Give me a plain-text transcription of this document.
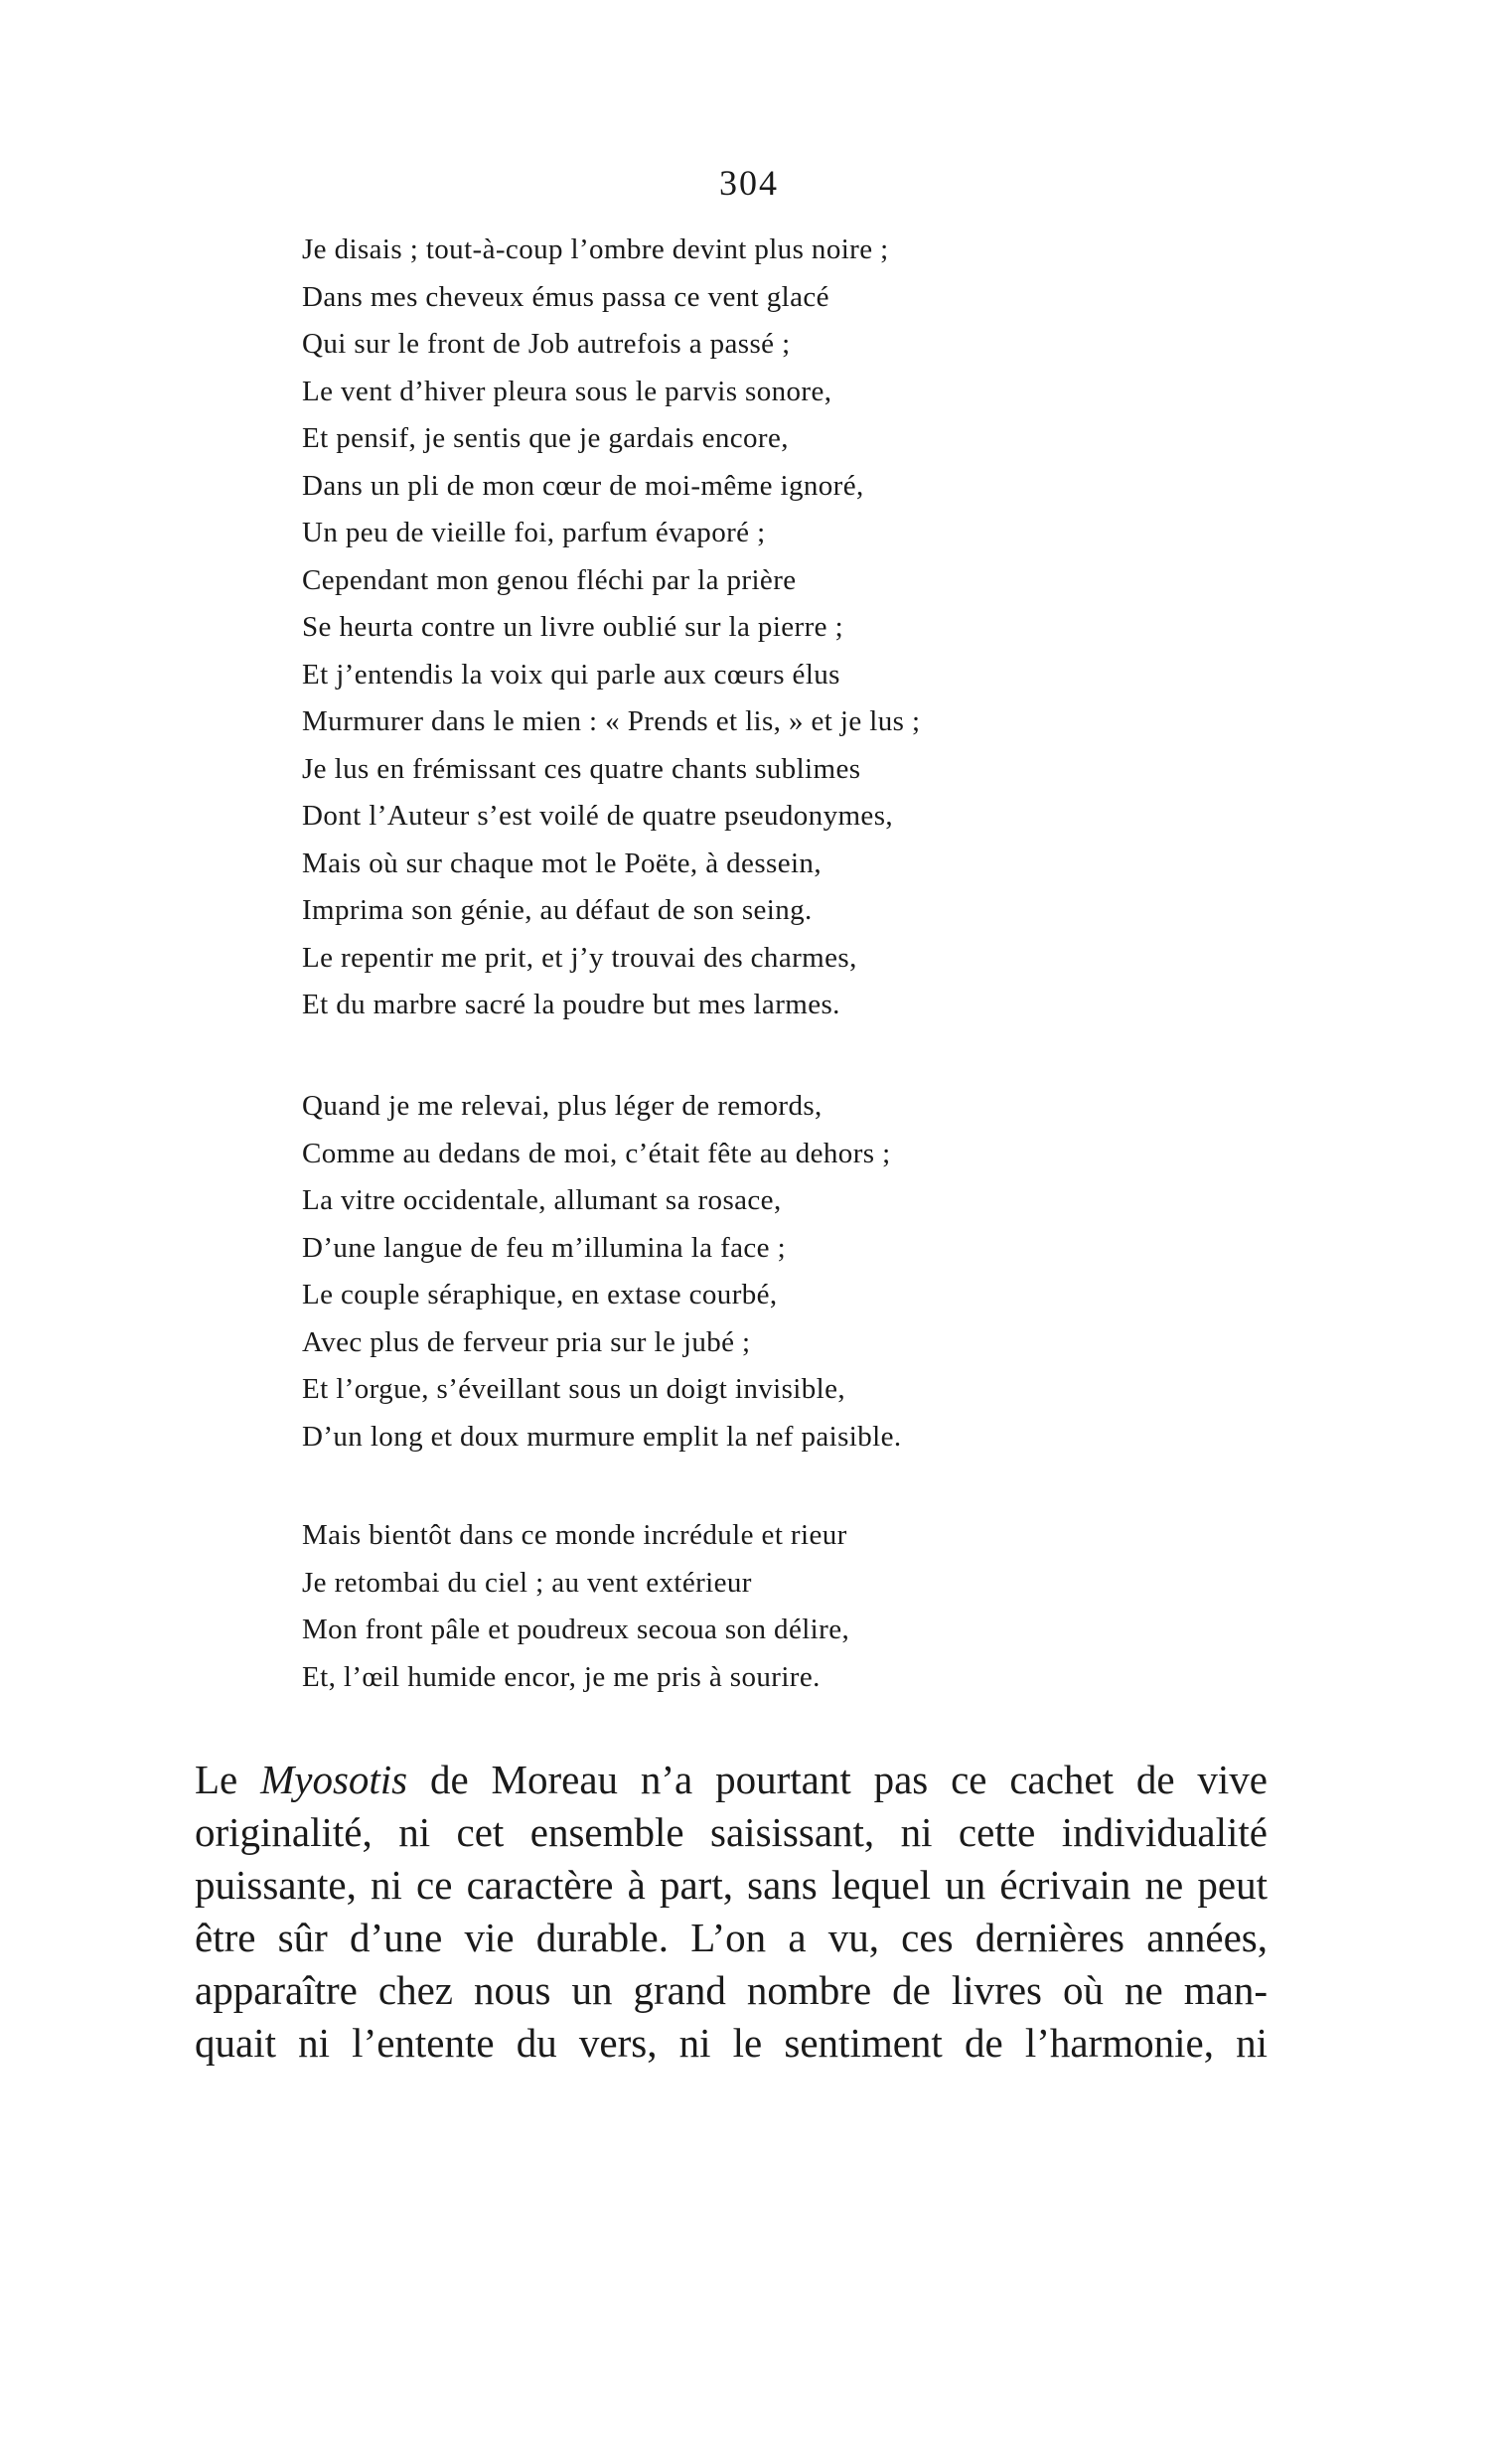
304
Je disais ; tout-à-coup l’ombre devint plus noire ;
Dans mes cheveux émus passa ce vent glacé
Qui sur le front de Job autrefois a passé ;
Le vent d’hiver pleura sous le parvis sonore,
Et pensif, je sentis que je gardais encore,
Dans un pli de mon cœur de moi-même ignoré,
Un peu de vieille foi, parfum évaporé ;
Cependant mon genou fléchi par la prière
Se heurta contre un livre oublié sur la pierre ;
Et j’entendis la voix qui parle aux cœurs élus
Murmurer dans le mien : « Prends et lis, » et je lus ;
Je lus en frémissant ces quatre chants sublimes
Dont l’Auteur s’est voilé de quatre pseudonymes,
Mais où sur chaque mot le Poëte, à dessein,
Imprima son génie, au défaut de son seing.
Le repentir me prit, et j’y trouvai des charmes,
Et du marbre sacré la poudre but mes larmes.
Quand je me relevai, plus léger de remords,
Comme au dedans de moi, c’était fête au dehors ;
La vitre occidentale, allumant sa rosace,
D’une langue de feu m’illumina la face ;
Le couple séraphique, en extase courbé,
Avec plus de ferveur pria sur le jubé ;
Et l’orgue, s’éveillant sous un doigt invisible,
D’un long et doux murmure emplit la nef paisible.
Mais bientôt dans ce monde incrédule et rieur
Je retombai du ciel ; au vent extérieur
Mon front pâle et poudreux secoua son délire,
Et, l’œil humide encor, je me pris à sourire.
Le Myosotis de Moreau n’a pourtant pas ce cachet de vive
originalité, ni cet ensemble saisissant, ni cette individualité
puissante, ni ce caractère à part, sans lequel un écrivain ne peut
être sûr d’une vie durable. L’on a vu, ces dernières années,
apparaître chez nous un grand nombre de livres où ne man-
quait ni l’entente du vers, ni le sentiment de l’harmonie, ni
